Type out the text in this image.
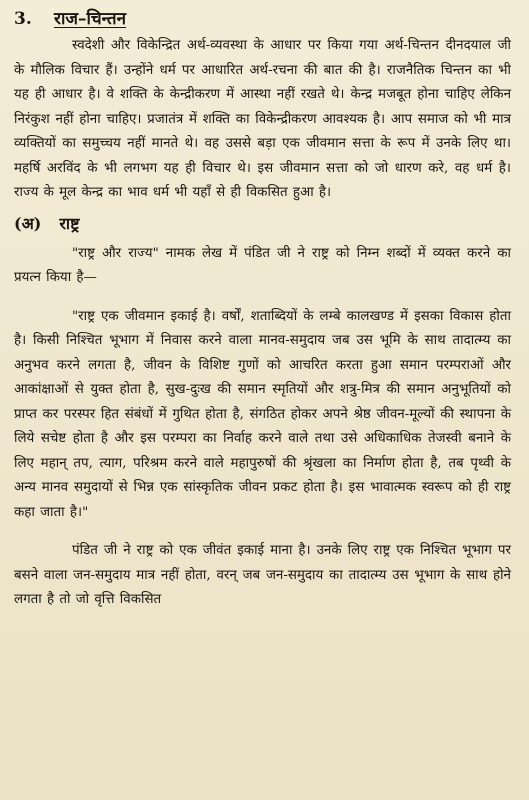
3.	राज–चिन्तन

स्वदेशी और विकेन्द्रित अर्थ-व्यवस्था के आधार पर किया गया अर्थ-चिन्तन दीनदयाल जी के मौलिक विचार हैं। उन्होंने धर्म पर आधारित अर्थ-रचना की बात की है। राजनैतिक चिन्तन का भी यह ही आधार है। वे शक्ति के केन्द्रीकरण में आस्था नहीं रखते थे। केन्द्र मजबूत होना चाहिए लेकिन निरंकुश नहीं होना चाहिए। प्रजातंत्र में शक्ति का विकेन्द्रीकरण आवश्यक है। आप समाज को भी मात्र व्यक्तियों का समुच्चय नहीं मानते थे। वह उससे बड़ा एक जीवमान सत्ता के रूप में उनके लिए था। महर्षि अरविंद के भी लगभग यह ही विचार थे। इस जीवमान सत्ता को जो धारण करे, वह धर्म है। राज्य के मूल केन्द्र का भाव धर्म भी यहाँ से ही विकसित हुआ है।

(अ) राष्ट्र

"राष्ट्र और राज्य" नामक लेख में पंडित जी ने राष्ट्र को निम्न शब्दों में व्यक्त करने का प्रयत्न किया है—

"राष्ट्र एक जीवमान इकाई है। वर्षों, शताब्दियों के लम्बे कालखण्ड में इसका विकास होता है। किसी निश्चित भूभाग में निवास करने वाला मानव-समुदाय जब उस भूमि के साथ तादात्म्य का अनुभव करने लगता है, जीवन के विशिष्ट गुणों को आचरित करता हुआ समान परम्पराओं और आकांक्षाओं से युक्त होता है, सुख-दुःख की समान स्मृतियों और शत्रु-मित्र की समान अनुभूतियों को प्राप्त कर परस्पर हित संबंधों में गुथित होता है, संगठित होकर अपने श्रेष्ठ जीवन-मूल्यों की स्थापना के लिये सचेष्ट होता है और इस परम्परा का निर्वाह करने वाले तथा उसे अधिकाधिक तेजस्वी बनाने के लिए महान् तप, त्याग, परिश्रम करने वाले महापुरुषों की श्रृंखला का निर्माण होता है, तब पृथ्वी के अन्य मानव समुदायों से भिन्न एक सांस्कृतिक जीवन प्रकट होता है। इस भावात्मक स्वरूप को ही राष्ट्र कहा जाता है।"

पंडित जी ने राष्ट्र को एक जीवंत इकाई माना है। उनके लिए राष्ट्र एक निश्चित भूभाग पर बसने वाला जन-समुदाय मात्र नहीं होता, वरन् जब जन-समुदाय का तादात्म्य उस भूभाग के साथ होने लगता है तो जो वृत्ति विकसित
